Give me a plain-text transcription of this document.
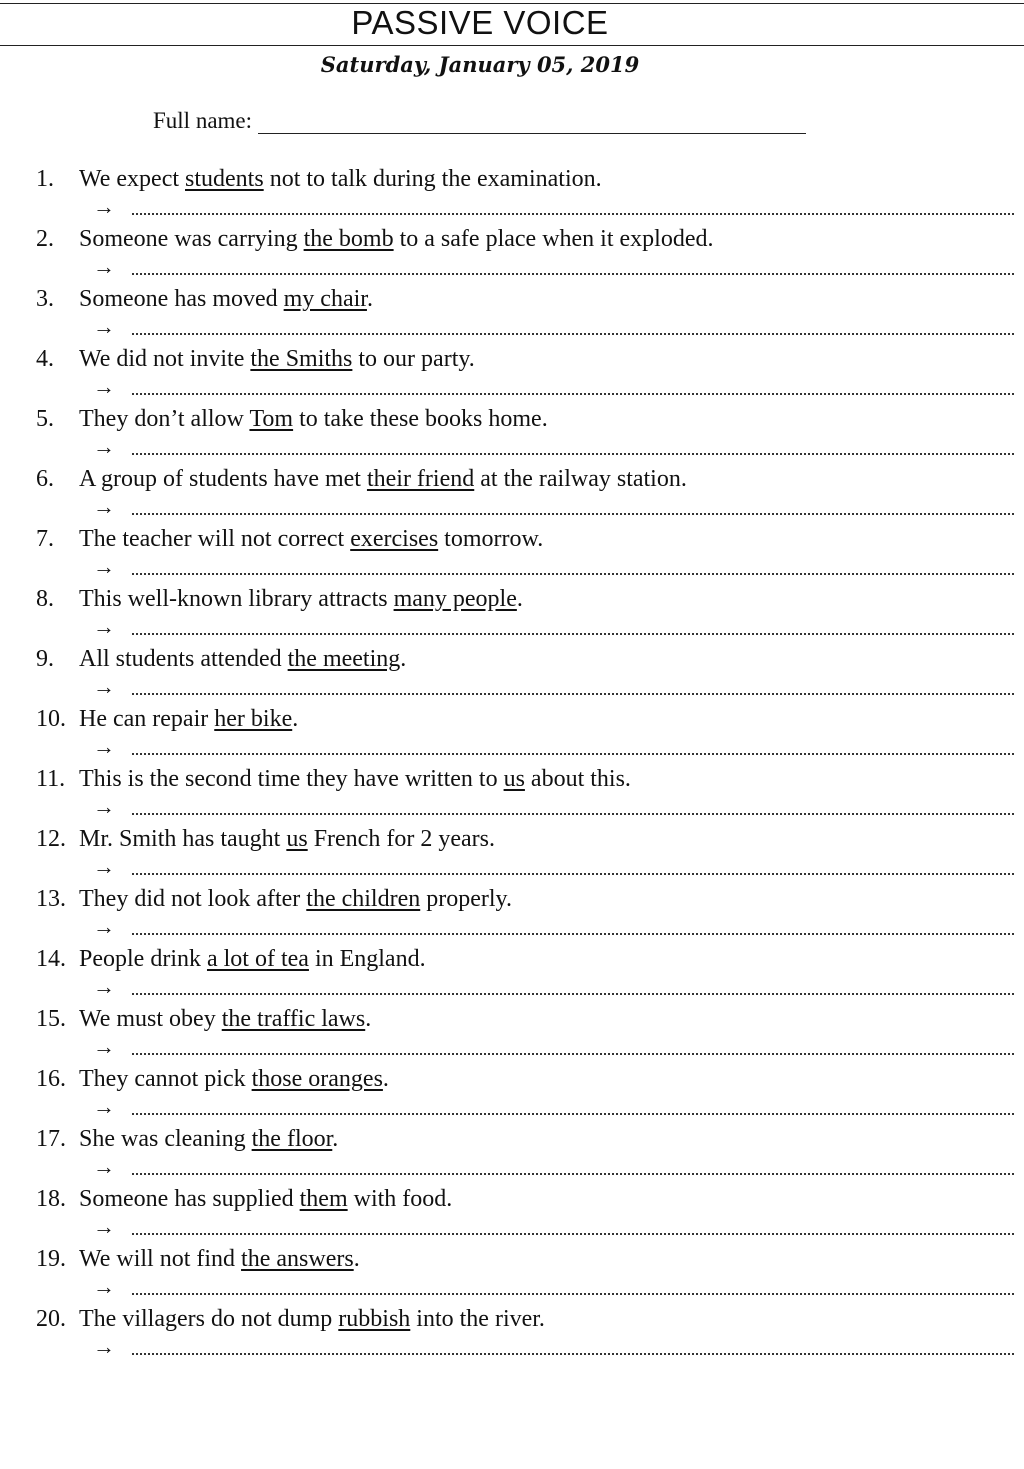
PASSIVE VOICE
Saturday, January 05, 2019
Full name:
1. We expect students not to talk during the examination.
→
2. Someone was carrying the bomb to a safe place when it exploded.
→
3. Someone has moved my chair.
→
4. We did not invite the Smiths to our party.
→
5. They don’t allow Tom to take these books home.
→
6. A group of students have met their friend at the railway station.
→
7. The teacher will not correct exercises tomorrow.
→
8. This well-known library attracts many people.
→
9. All students attended the meeting.
→
10. He can repair her bike.
→
11. This is the second time they have written to us about this.
→
12. Mr. Smith has taught us French for 2 years.
→
13. They did not look after the children properly.
→
14. People drink a lot of tea in England.
→
15. We must obey the traffic laws.
→
16. They cannot pick those oranges.
→
17. She was cleaning the floor.
→
18. Someone has supplied them with food.
→
19. We will not find the answers.
→
20. The villagers do not dump rubbish into the river.
→
